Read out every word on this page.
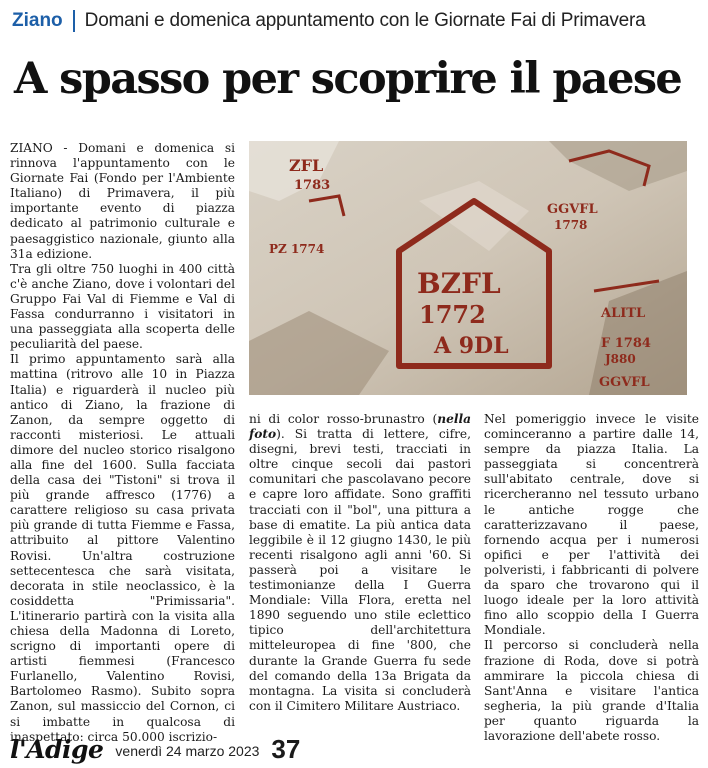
Ziano Domani e domenica appuntamento con le Giornate Fai di Primavera
A spasso per scoprire il paese

ZIANO - Domani e domenica si rinnova l'appuntamento con le Giornate Fai (Fondo per l'Ambiente Italiano) di Primavera, il più importante evento di piazza dedicato al patrimonio culturale e paesaggistico nazionale, giunto alla 31a edizione.

Tra gli oltre 750 luoghi in 400 città c'è anche Ziano, dove i volontari del Gruppo Fai Val di Fiemme e Val di Fassa condurranno i visitatori in una passeggiata alla scoperta delle peculiarità del paese.

Il primo appuntamento sarà alla mattina (ritrovo alle 10 in Piazza Italia) e riguarderà il nucleo più antico di Ziano, la frazione di Zanon, da sempre oggetto di racconti misteriosi. Le attuali dimore del nucleo storico risalgono alla fine del 1600. Sulla facciata della casa dei "Tistoni" si trova il più grande affresco (1776) a carattere religioso su casa privata più grande di tutta Fiemme e Fassa, attribuito al pittore Valentino Rovisi. Un'altra costruzione settecentesca che sarà visitata, decorata in stile neoclassico, è la cosiddetta "Primissaria". L'itinerario partirà con la visita alla chiesa della Madonna di Loreto, scrigno di importanti opere di artisti fiemmesi (Francesco Furlanello, Valentino Rovisi, Bartolomeo Rasmo). Subito sopra Zanon, sul massiccio del Cornon, ci si imbatte in qualcosa di inaspettato: circa 50.000 iscrizio-

BZFL
1772
A 9DL
ZFL
1783
GGVFL
1778
PZ 1774
ALITL
F 1784
J880
GGVFL

ni di color rosso-brunastro (nella foto). Si tratta di lettere, cifre, disegni, brevi testi, tracciati in oltre cinque secoli dai pastori comunitari che pascolavano pecore e capre loro affidate. Sono graffiti tracciati con il "bol", una pittura a base di ematite. La più antica data leggibile è il 12 giugno 1430, le più recenti risalgono agli anni '60. Si passerà poi a visitare le testimonianze della I Guerra Mondiale: Villa Flora, eretta nel 1890 seguendo uno stile eclettico tipico dell'architettura mitteleuropea di fine '800, che durante la Grande Guerra fu sede del comando della 13a Brigata da montagna. La visita si concluderà con il Cimitero Militare Austriaco.

Nel pomeriggio invece le visite cominceranno a partire dalle 14, sempre da piazza Italia. La passeggiata si concentrerà sull'abitato centrale, dove si ricercheranno nel tessuto urbano le antiche rogge che caratterizzavano il paese, fornendo acqua per i numerosi opifici e per l'attività dei polveristi, i fabbricanti di polvere da sparo che trovarono qui il luogo ideale per la loro attività fino allo scoppio della I Guerra Mondiale.

Il percorso si concluderà nella frazione di Roda, dove si potrà ammirare la piccola chiesa di Sant'Anna e visitare l'antica segheria, la più grande d'Italia per quanto riguarda la lavorazione dell'abete rosso.

l'Adige venerdì 24 marzo 2023 37
